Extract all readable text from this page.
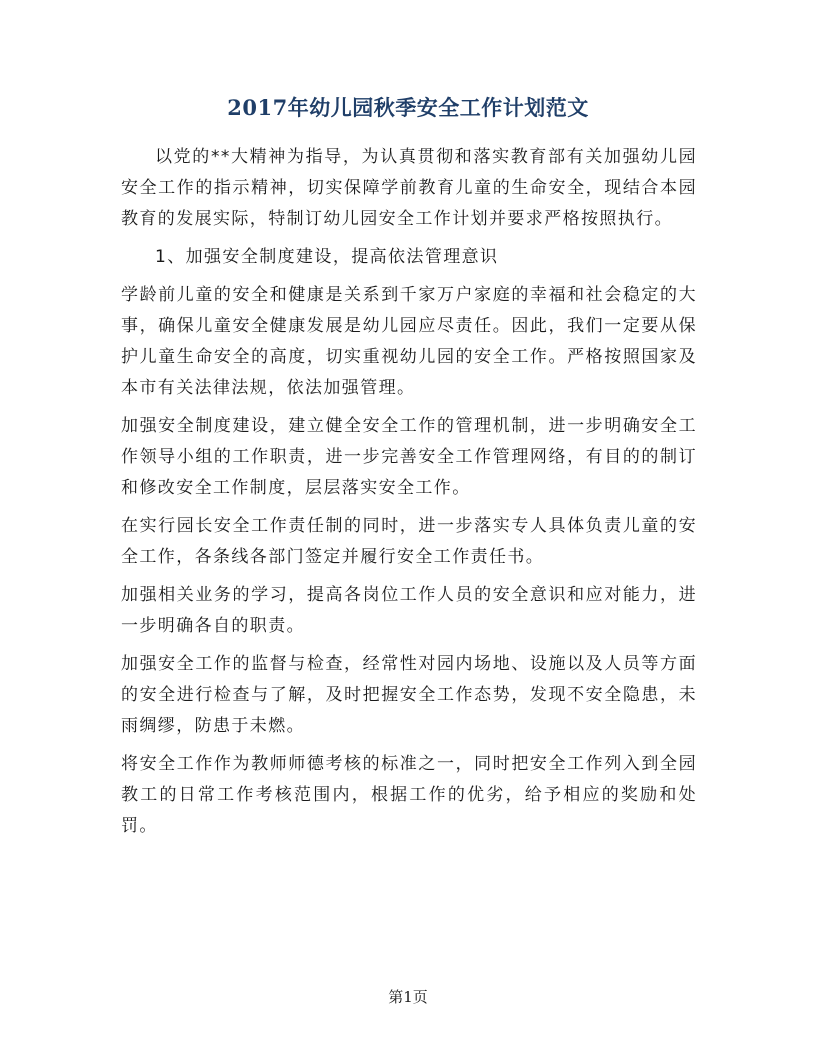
2017年幼儿园秋季安全工作计划范文

以党的**大精神为指导，为认真贯彻和落实教育部有关加强幼儿园安全工作的指示精神，切实保障学前教育儿童的生命安全，现结合本园教育的发展实际，特制订幼儿园安全工作计划并要求严格按照执行。

1、加强安全制度建设，提高依法管理意识

学龄前儿童的安全和健康是关系到千家万户家庭的幸福和社会稳定的大事，确保儿童安全健康发展是幼儿园应尽责任。因此，我们一定要从保护儿童生命安全的高度，切实重视幼儿园的安全工作。严格按照国家及本市有关法律法规，依法加强管理。

加强安全制度建设，建立健全安全工作的管理机制，进一步明确安全工作领导小组的工作职责，进一步完善安全工作管理网络，有目的的制订和修改安全工作制度，层层落实安全工作。

在实行园长安全工作责任制的同时，进一步落实专人具体负责儿童的安全工作，各条线各部门签定并履行安全工作责任书。

加强相关业务的学习，提高各岗位工作人员的安全意识和应对能力，进一步明确各自的职责。

加强安全工作的监督与检查，经常性对园内场地、设施以及人员等方面的安全进行检查与了解，及时把握安全工作态势，发现不安全隐患，未雨绸缪，防患于未燃。

将安全工作作为教师师德考核的标准之一，同时把安全工作列入到全园教工的日常工作考核范围内，根据工作的优劣，给予相应的奖励和处罚。

第1页
